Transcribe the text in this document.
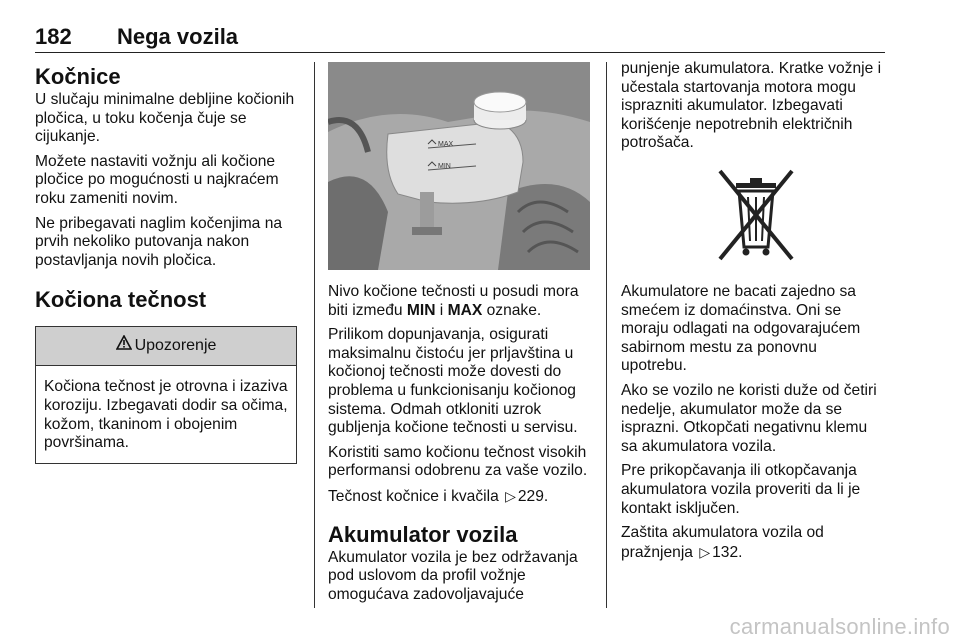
182 Nega vozila
Kočnice

U slučaju minimalne debljine kočionih pločica, u toku kočenja čuje se cijukanje.

Možete nastaviti vožnju ali kočione pločice po mogućnosti u najkraćem roku zameniti novim.

Ne pribegavati naglim kočenjima na prvih nekoliko putovanja nakon postavljanja novih pločica.

Kočiona tečnost
Upozorenje

Kočiona tečnost je otrovna i izaziva koroziju. Izbegavati dodir sa očima, kožom, tkaninom i obojenim površinama.

MAX
MIN

Nivo kočione tečnosti u posudi mora biti između MIN i MAX oznake.

Prilikom dopunjavanja, osigurati maksimalnu čistoću jer prljavština u kočionoj tečnosti može dovesti do problema u funkcionisanju kočionog sistema. Odmah otkloniti uzrok gubljenja kočione tečnosti u servisu.

Koristiti samo kočionu tečnost visokih performansi odobrenu za vaše vozilo.

Tečnost kočnice i kvačila ▷ 229.

Akumulator vozila

Akumulator vozila je bez održavanja pod uslovom da profil vožnje omogućava zadovoljavajuće

punjenje akumulatora. Kratke vožnje i učestala startovanja motora mogu isprazniti akumulator. Izbegavati korišćenje nepotrebnih električnih potrošača.

Akumulatore ne bacati zajedno sa smećem iz domaćinstva. Oni se moraju odlagati na odgovarajućem sabirnom mestu za ponovnu upotrebu.

Ako se vozilo ne koristi duže od četiri nedelje, akumulator može da se isprazni. Otkopčati negativnu klemu sa akumulatora vozila.

Pre prikopčavanja ili otkopčavanja akumulatora vozila proveriti da li je kontakt isključen.

Zaštita akumulatora vozila od pražnjenja ▷ 132.

carmanualsonline.info
